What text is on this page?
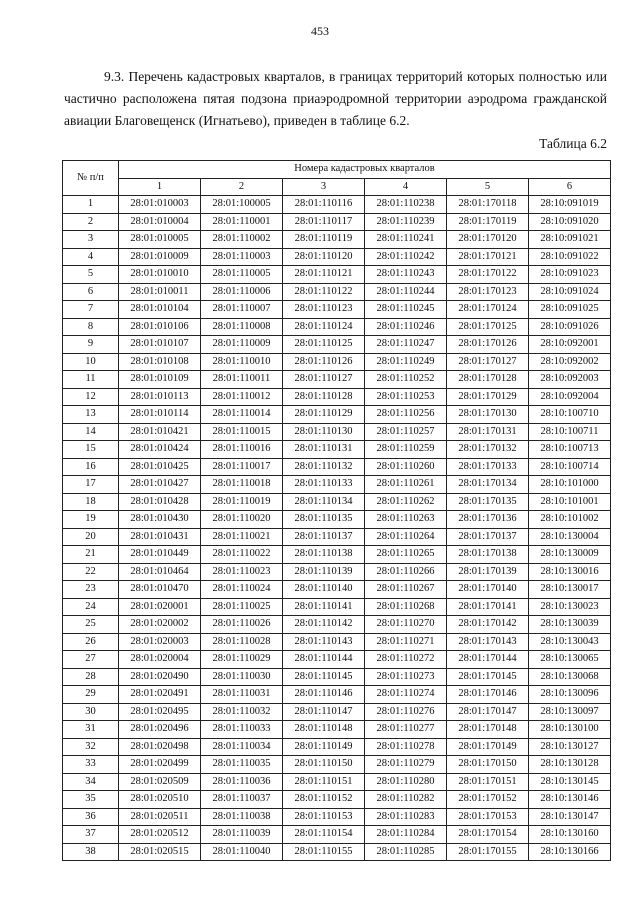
453

9.3. Перечень кадастровых кварталов, в границах территорий которых полностью или частично расположена пятая подзона приаэродромной территории аэродрома гражданской авиации Благовещенск (Игнатьево), приведен в таблице 6.2.

Таблица 6.2
№ п/п	Номера кадастровых кварталов					
	1	2	3	4	5	6
1	28:01:010003	28:01:100005	28:01:110116	28:01:110238	28:01:170118	28:10:091019
2	28:01:010004	28:01:110001	28:01:110117	28:01:110239	28:01:170119	28:10:091020
3	28:01:010005	28:01:110002	28:01:110119	28:01:110241	28:01:170120	28:10:091021
4	28:01:010009	28:01:110003	28:01:110120	28:01:110242	28:01:170121	28:10:091022
5	28:01:010010	28:01:110005	28:01:110121	28:01:110243	28:01:170122	28:10:091023
6	28:01:010011	28:01:110006	28:01:110122	28:01:110244	28:01:170123	28:10:091024
7	28:01:010104	28:01:110007	28:01:110123	28:01:110245	28:01:170124	28:10:091025
8	28:01:010106	28:01:110008	28:01:110124	28:01:110246	28:01:170125	28:10:091026
9	28:01:010107	28:01:110009	28:01:110125	28:01:110247	28:01:170126	28:10:092001
10	28:01:010108	28:01:110010	28:01:110126	28:01:110249	28:01:170127	28:10:092002
11	28:01:010109	28:01:110011	28:01:110127	28:01:110252	28:01:170128	28:10:092003
12	28:01:010113	28:01:110012	28:01:110128	28:01:110253	28:01:170129	28:10:092004
13	28:01:010114	28:01:110014	28:01:110129	28:01:110256	28:01:170130	28:10:100710
14	28:01:010421	28:01:110015	28:01:110130	28:01:110257	28:01:170131	28:10:100711
15	28:01:010424	28:01:110016	28:01:110131	28:01:110259	28:01:170132	28:10:100713
16	28:01:010425	28:01:110017	28:01:110132	28:01:110260	28:01:170133	28:10:100714
17	28:01:010427	28:01:110018	28:01:110133	28:01:110261	28:01:170134	28:10:101000
18	28:01:010428	28:01:110019	28:01:110134	28:01:110262	28:01:170135	28:10:101001
19	28:01:010430	28:01:110020	28:01:110135	28:01:110263	28:01:170136	28:10:101002
20	28:01:010431	28:01:110021	28:01:110137	28:01:110264	28:01:170137	28:10:130004
21	28:01:010449	28:01:110022	28:01:110138	28:01:110265	28:01:170138	28:10:130009
22	28:01:010464	28:01:110023	28:01:110139	28:01:110266	28:01:170139	28:10:130016
23	28:01:010470	28:01:110024	28:01:110140	28:01:110267	28:01:170140	28:10:130017
24	28:01:020001	28:01:110025	28:01:110141	28:01:110268	28:01:170141	28:10:130023
25	28:01:020002	28:01:110026	28:01:110142	28:01:110270	28:01:170142	28:10:130039
26	28:01:020003	28:01:110028	28:01:110143	28:01:110271	28:01:170143	28:10:130043
27	28:01:020004	28:01:110029	28:01:110144	28:01:110272	28:01:170144	28:10:130065
28	28:01:020490	28:01:110030	28:01:110145	28:01:110273	28:01:170145	28:10:130068
29	28:01:020491	28:01:110031	28:01:110146	28:01:110274	28:01:170146	28:10:130096
30	28:01:020495	28:01:110032	28:01:110147	28:01:110276	28:01:170147	28:10:130097
31	28:01:020496	28:01:110033	28:01:110148	28:01:110277	28:01:170148	28:10:130100
32	28:01:020498	28:01:110034	28:01:110149	28:01:110278	28:01:170149	28:10:130127
33	28:01:020499	28:01:110035	28:01:110150	28:01:110279	28:01:170150	28:10:130128
34	28:01:020509	28:01:110036	28:01:110151	28:01:110280	28:01:170151	28:10:130145
35	28:01:020510	28:01:110037	28:01:110152	28:01:110282	28:01:170152	28:10:130146
36	28:01:020511	28:01:110038	28:01:110153	28:01:110283	28:01:170153	28:10:130147
37	28:01:020512	28:01:110039	28:01:110154	28:01:110284	28:01:170154	28:10:130160
38	28:01:020515	28:01:110040	28:01:110155	28:01:110285	28:01:170155	28:10:130166
